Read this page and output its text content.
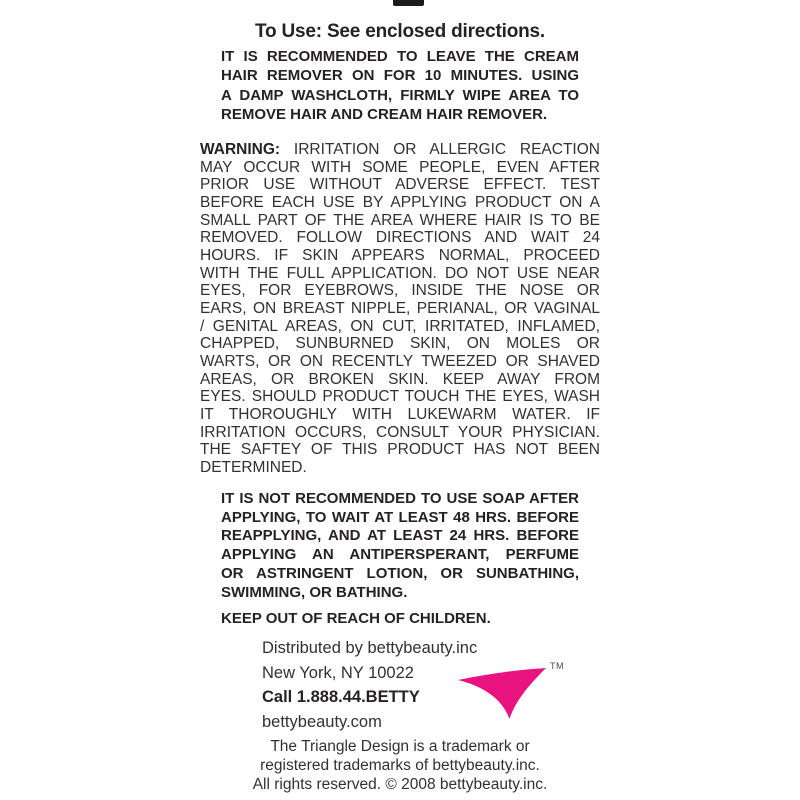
To Use: See enclosed directions.
IT IS RECOMMENDED TO LEAVE THE CREAM
HAIR REMOVER ON FOR 10 MINUTES. USING
A DAMP WASHCLOTH, FIRMLY WIPE AREA TO
REMOVE HAIR AND CREAM HAIR REMOVER.
WARNING: IRRITATION OR ALLERGIC REACTION
MAY OCCUR WITH SOME PEOPLE, EVEN AFTER
PRIOR USE WITHOUT ADVERSE EFFECT. TEST
BEFORE EACH USE BY APPLYING PRODUCT ON A
SMALL PART OF THE AREA WHERE HAIR IS TO BE
REMOVED. FOLLOW DIRECTIONS AND WAIT 24
HOURS. IF SKIN APPEARS NORMAL, PROCEED
WITH THE FULL APPLICATION. DO NOT USE NEAR
EYES, FOR EYEBROWS, INSIDE THE NOSE OR
EARS, ON BREAST NIPPLE, PERIANAL, OR VAGINAL
/ GENITAL AREAS, ON CUT, IRRITATED, INFLAMED,
CHAPPED, SUNBURNED SKIN, ON MOLES OR
WARTS, OR ON RECENTLY TWEEZED OR SHAVED
AREAS, OR BROKEN SKIN. KEEP AWAY FROM
EYES. SHOULD PRODUCT TOUCH THE EYES, WASH
IT THOROUGHLY WITH LUKEWARM WATER. IF
IRRITATION OCCURS, CONSULT YOUR PHYSICIAN.
THE SAFTEY OF THIS PRODUCT HAS NOT BEEN
DETERMINED.
IT IS NOT RECOMMENDED TO USE SOAP AFTER
APPLYING, TO WAIT AT LEAST 48 HRS. BEFORE
REAPPLYING, AND AT LEAST 24 HRS. BEFORE
APPLYING AN ANTIPERSPERANT, PERFUME
OR ASTRINGENT LOTION, OR SUNBATHING,
SWIMMING, OR BATHING.
KEEP OUT OF REACH OF CHILDREN.
Distributed by bettybeauty.inc
New York, NY 10022
Call 1.888.44.BETTY
bettybeauty.com
TM
The Triangle Design is a trademark or
registered trademarks of bettybeauty.inc.
All rights reserved. © 2008 bettybeauty.inc.
